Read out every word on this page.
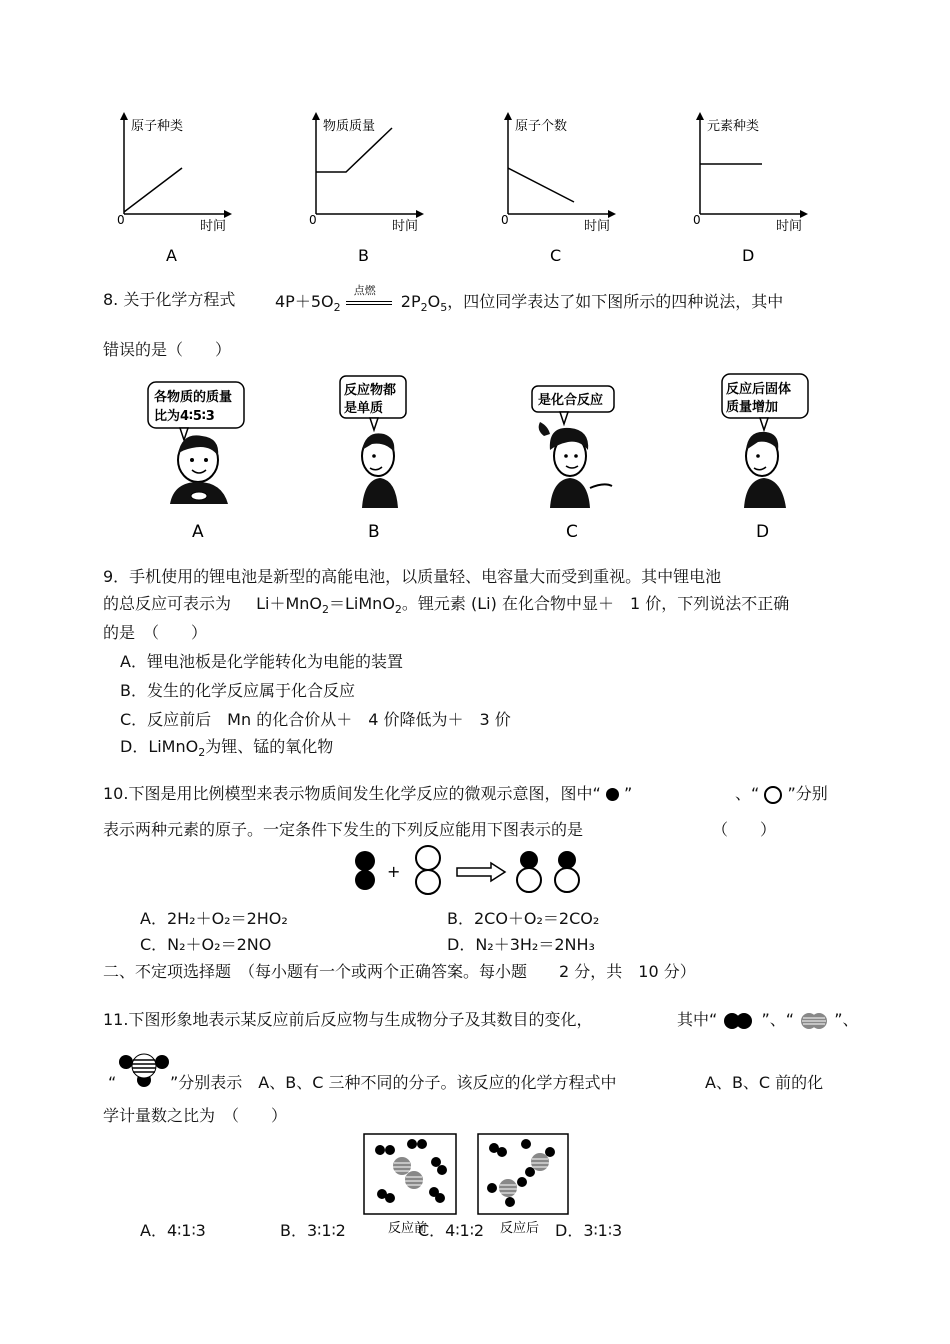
原子种类
时间
0
A
物质质量
时间
0
B
原子个数
时间
0
C
元素种类
时间
0
D
8. 关于化学方程式 $4P+5O_2$
点燃
$2P_2O_5$，四位同学表达了如下图所示的四种说法，其中
错误的是（　　）
各物质的质量
比为4∶5∶3
A
反应物都
是单质
B
是化合反应
C
反应后固体
质量增加
D
9．手机使用的锂电池是新型的高能电池，以质量轻、电容量大而受到重视。其中锂电池
的总反应可表示为 Li＋MnO$_2$＝LiMnO$_2$。锂元素 (Li) 在化合物中显＋　1 价，下列说法不正确
的是　（　　）
A．锂电池板是化学能转化为电能的装置
B．发生的化学反应属于化合反应
C．反应前后　Mn 的化合价从＋　4 价降低为＋　3 价
D．LiMnO$_2$为锂、锰的氧化物
10.下图是用比例模型来表示物质间发生化学反应的微观示意图，图中“ ”	、“ ”分别
表示两种元素的原子。一定条件下发生的下列反应能用下图表示的是	（　　）
+
A．2H₂＋O₂＝2HO₂	B．2CO＋O₂＝2CO₂
C．N₂＋O₂＝2NO	D．N₂＋3H₂＝2NH₃
二、不定项选择题　（每小题有一个或两个正确答案。每小题　　2 分，共　10 分）
11.下图形象地表示某反应前后反应物与生成物分子及其数目的变化，	其中“	”、“	”、
“	”分别表示　A、B、C 三种不同的分子。该反应的化学方程式中	A、B、C 前的化
学计量数之比为　（　　）
反应前	反应后
A．4∶1∶3	B．3∶1∶2	C．4∶1∶2	D．3∶1∶3
